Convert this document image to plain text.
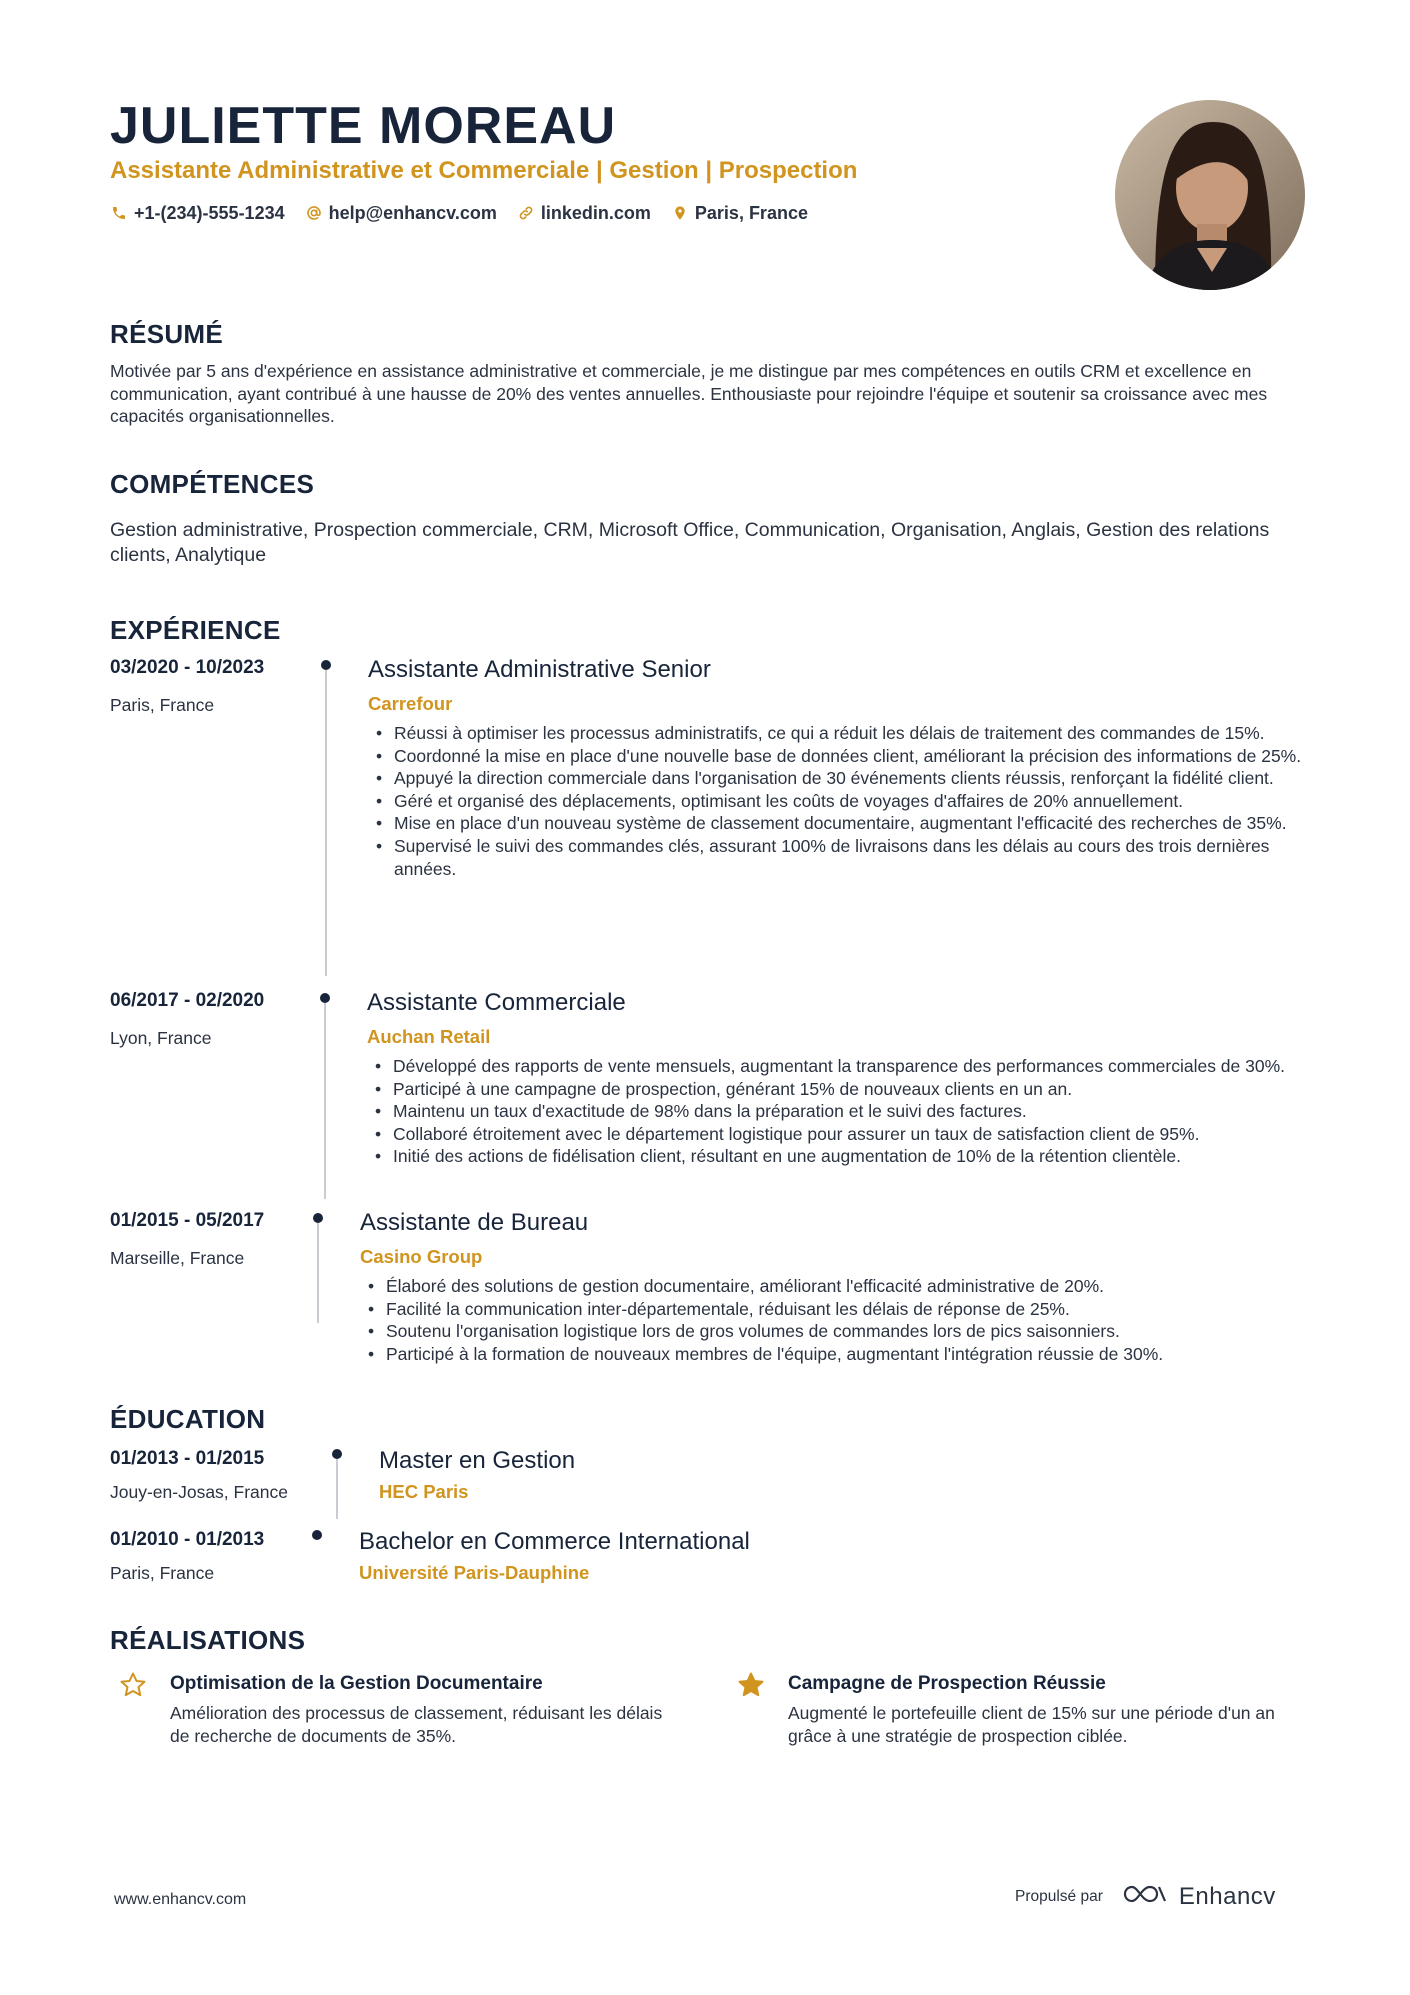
JULIETTE MOREAU
Assistante Administrative et Commerciale | Gestion | Prospection
+1-(234)-555-1234 help@enhancv.com linkedin.com Paris, France
RÉSUMÉ
Motivée par 5 ans d'expérience en assistance administrative et commerciale, je me distingue par mes compétences en outils CRM et excellence en communication, ayant contribué à une hausse de 20% des ventes annuelles. Enthousiaste pour rejoindre l'équipe et soutenir sa croissance avec mes capacités organisationnelles.
COMPÉTENCES
Gestion administrative, Prospection commerciale, CRM, Microsoft Office, Communication, Organisation, Anglais, Gestion des relations clients, Analytique
EXPÉRIENCE
03/2020 - 10/2023
Paris, France
Assistante Administrative Senior
Carrefour
• Réussi à optimiser les processus administratifs, ce qui a réduit les délais de traitement des commandes de 15%.
• Coordonné la mise en place d'une nouvelle base de données client, améliorant la précision des informations de 25%.
• Appuyé la direction commerciale dans l'organisation de 30 événements clients réussis, renforçant la fidélité client.
• Géré et organisé des déplacements, optimisant les coûts de voyages d'affaires de 20% annuellement.
• Mise en place d'un nouveau système de classement documentaire, augmentant l'efficacité des recherches de 35%.
• Supervisé le suivi des commandes clés, assurant 100% de livraisons dans les délais au cours des trois dernières années.
06/2017 - 02/2020
Lyon, France
Assistante Commerciale
Auchan Retail
• Développé des rapports de vente mensuels, augmentant la transparence des performances commerciales de 30%.
• Participé à une campagne de prospection, générant 15% de nouveaux clients en un an.
• Maintenu un taux d'exactitude de 98% dans la préparation et le suivi des factures.
• Collaboré étroitement avec le département logistique pour assurer un taux de satisfaction client de 95%.
• Initié des actions de fidélisation client, résultant en une augmentation de 10% de la rétention clientèle.
01/2015 - 05/2017
Marseille, France
Assistante de Bureau
Casino Group
• Élaboré des solutions de gestion documentaire, améliorant l'efficacité administrative de 20%.
• Facilité la communication inter-départementale, réduisant les délais de réponse de 25%.
• Soutenu l'organisation logistique lors de gros volumes de commandes lors de pics saisonniers.
• Participé à la formation de nouveaux membres de l'équipe, augmentant l'intégration réussie de 30%.
ÉDUCATION
01/2013 - 01/2015
Jouy-en-Josas, France
Master en Gestion
HEC Paris
01/2010 - 01/2013
Paris, France
Bachelor en Commerce International
Université Paris-Dauphine
RÉALISATIONS
Optimisation de la Gestion Documentaire
Amélioration des processus de classement, réduisant les délais de recherche de documents de 35%.
Campagne de Prospection Réussie
Augmenté le portefeuille client de 15% sur une période d'un an grâce à une stratégie de prospection ciblée.
www.enhancv.com	Propulsé par	Enhancv
